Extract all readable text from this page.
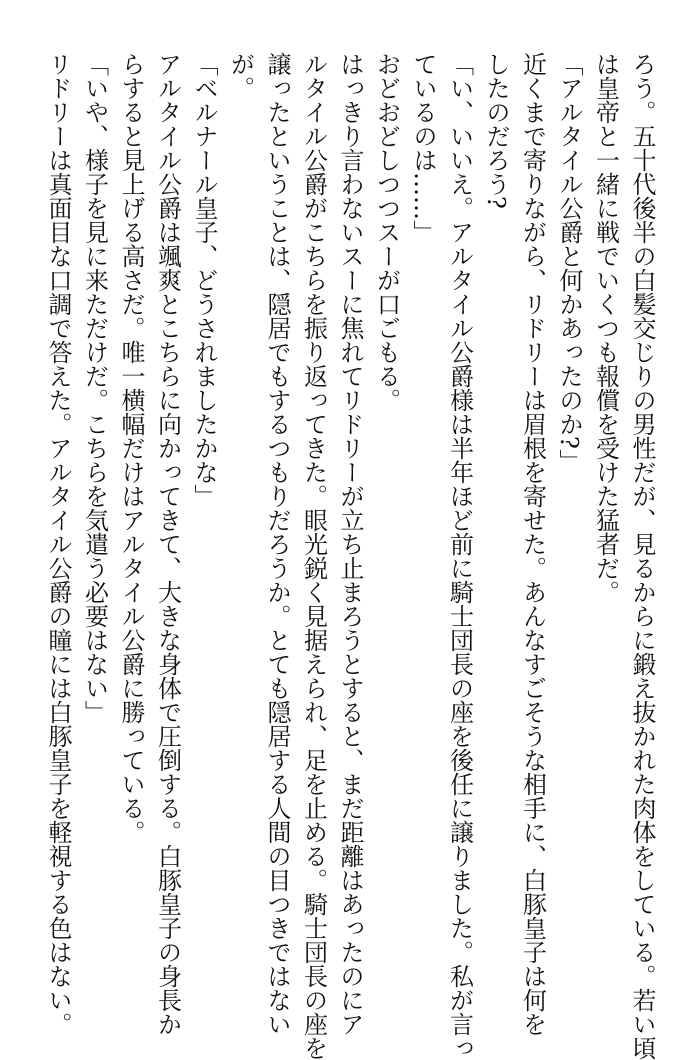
ろう。五十代後半の白髪交じりの男性だが、見るからに鍛え抜かれた肉体をしている。若い頃
は皇帝と一緒に戦でいくつも報償を受けた猛者だ。
「アルタイル公爵と何かあったのか?」
近くまで寄りながら、リドリーは眉根を寄せた。あんなすごそうな相手に、白豚皇子は何を
したのだろう?
「い、いいえ。アルタイル公爵様は半年ほど前に騎士団長の座を後任に譲りました。私が言っ
ているのは……」
おどおどしつつスーが口ごもる。
はっきり言わないスーに焦れてリドリーが立ち止まろうとすると、まだ距離はあったのにア
ルタイル公爵がこちらを振り返ってきた。眼光鋭く見据えられ、足を止める。騎士団長の座を
譲ったということは、隠居でもするつもりだろうか。とても隠居する人間の目つきではない
が。
「ベルナール皇子、どうされましたかな」
アルタイル公爵は颯爽とこちらに向かってきて、大きな身体で圧倒する。白豚皇子の身長か
らすると見上げる高さだ。唯一横幅だけはアルタイル公爵に勝っている。
「いや、様子を見に来ただけだ。こちらを気遣う必要はない」
リドリーは真面目な口調で答えた。アルタイル公爵の瞳には白豚皇子を軽視する色はない。
